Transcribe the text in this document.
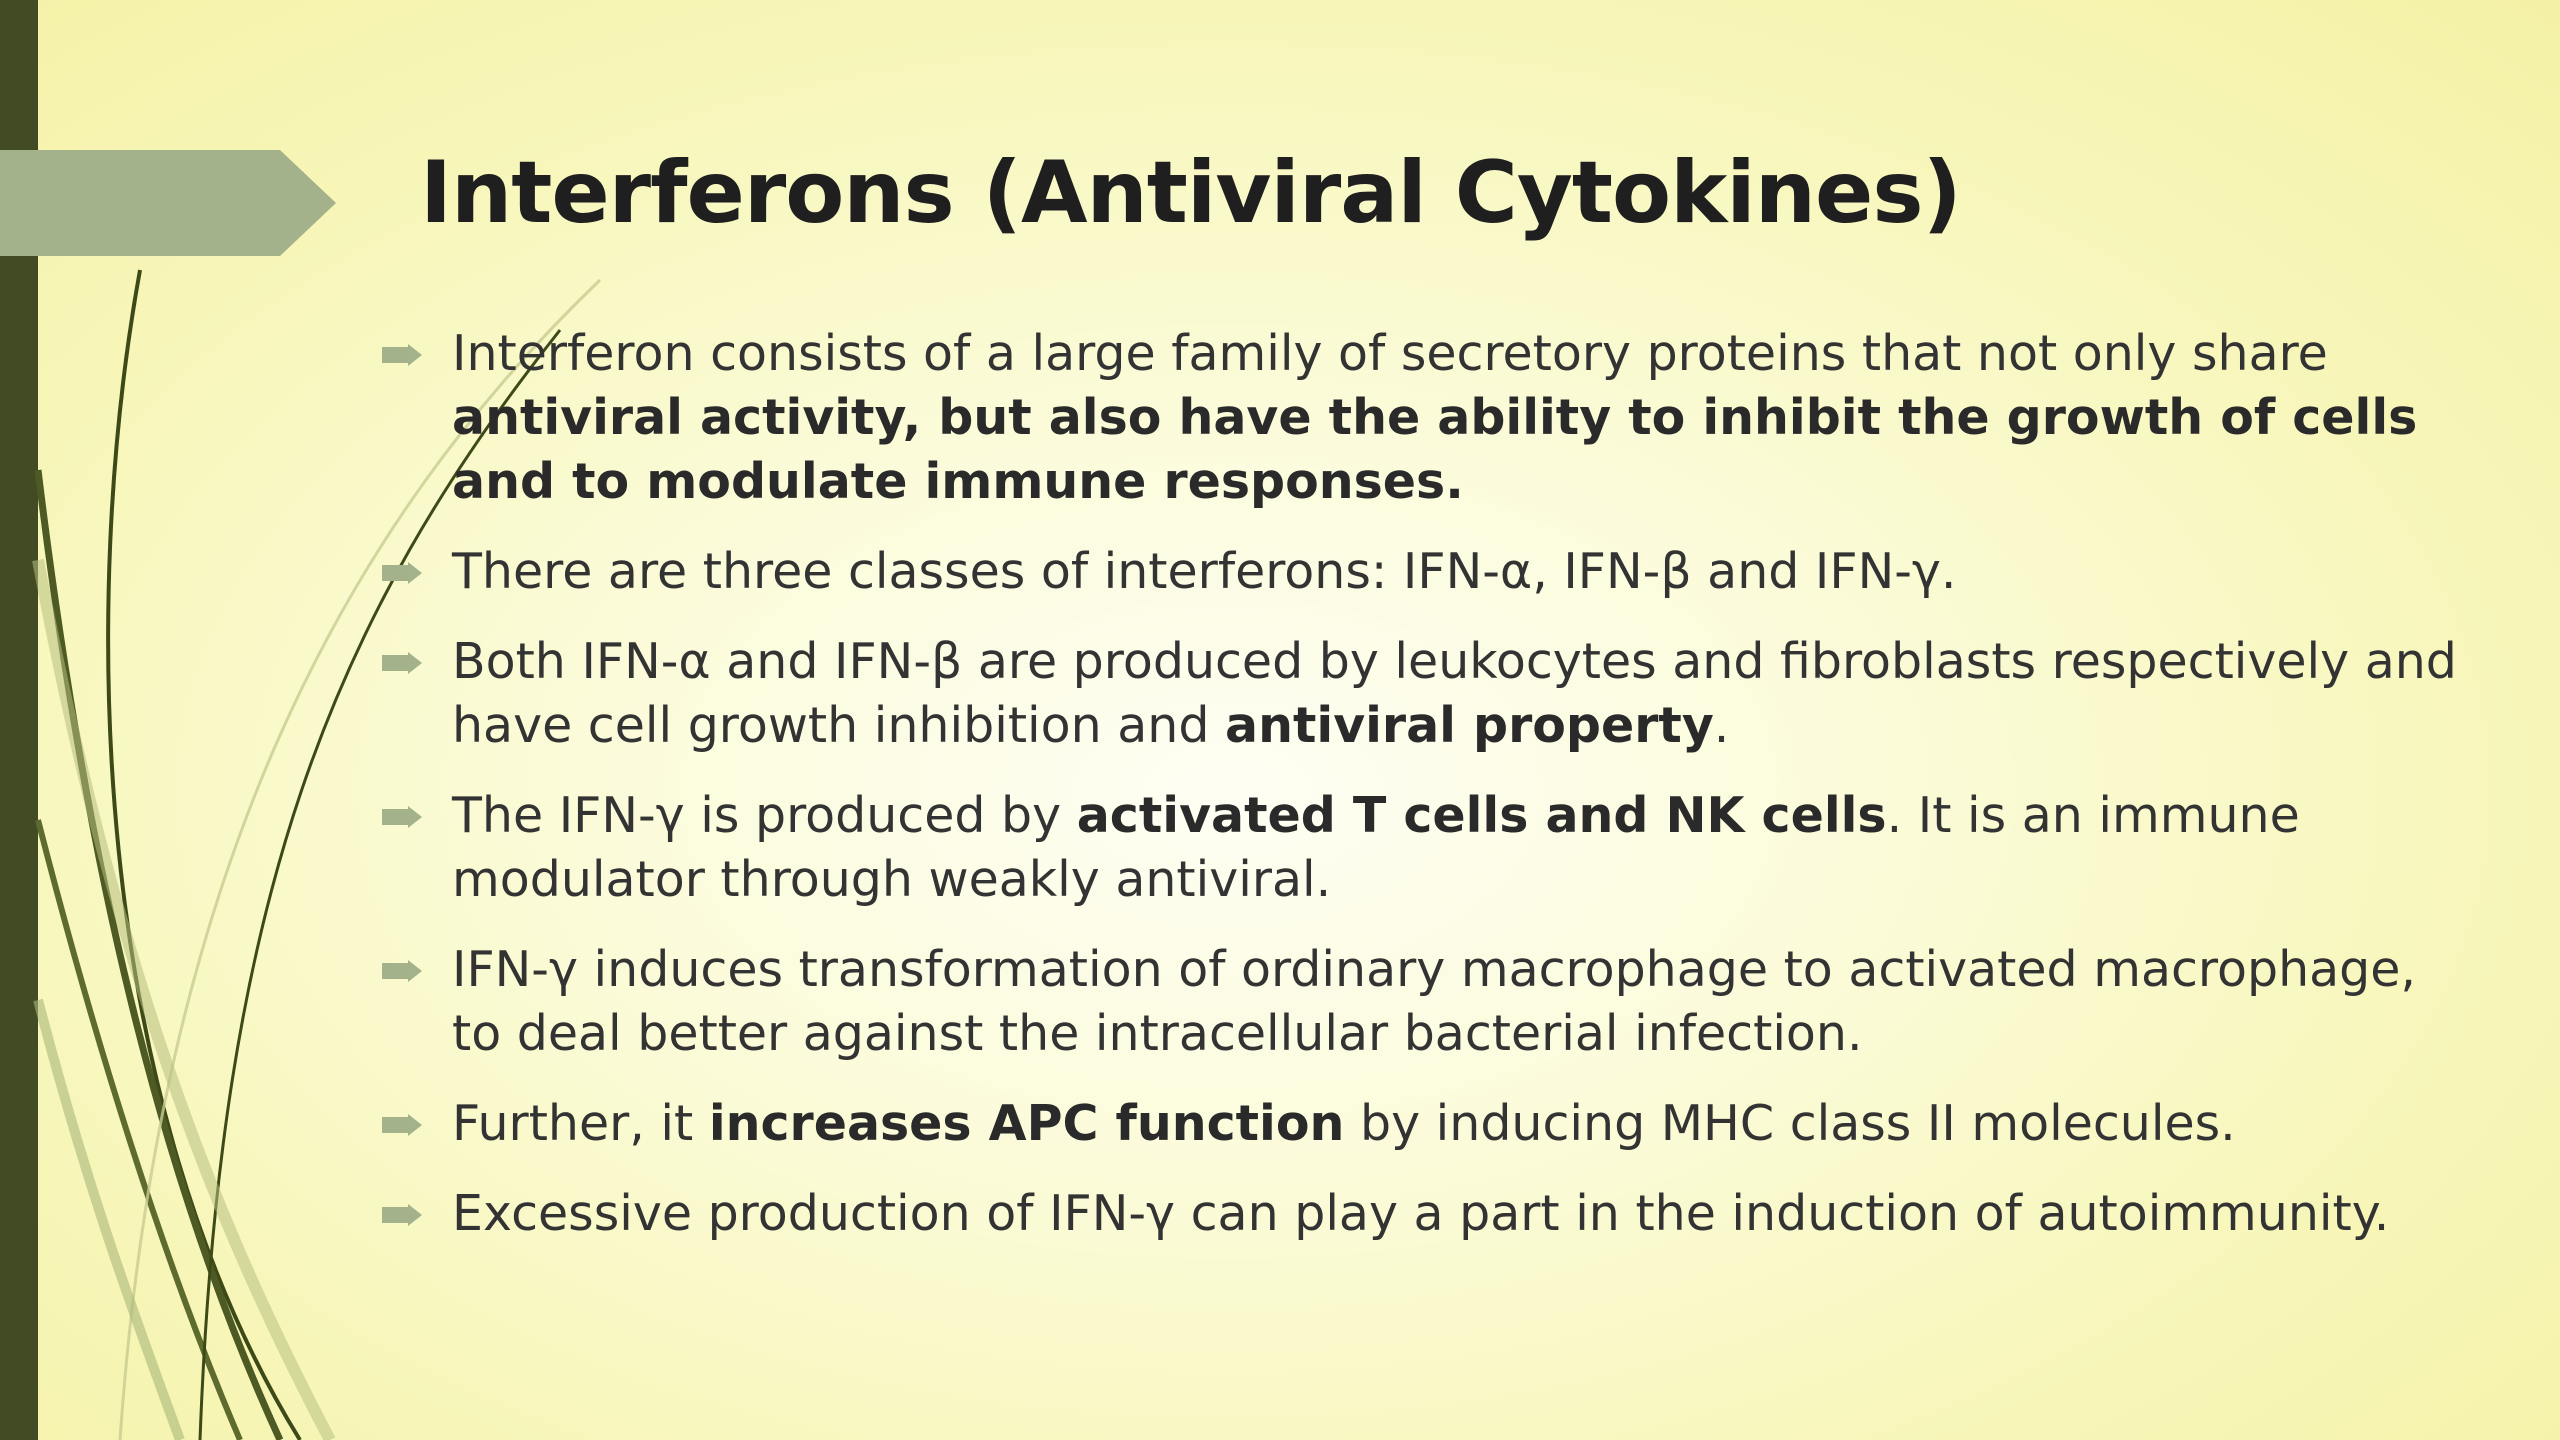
Interferons (Antiviral Cytokines)
Interferon consists of a large family of secretory proteins that not only share antiviral activity, but also have the ability to inhibit the growth of cells and to modulate immune responses.
There are three classes of interferons: IFN-α, IFN-β and IFN-γ.
Both IFN-α and IFN-β are produced by leukocytes and fibroblasts respectively and have cell growth inhibition and antiviral property.
The IFN-γ is produced by activated T cells and NK cells. It is an immune modulator through weakly antiviral.
IFN-γ induces transformation of ordinary macrophage to activated macrophage, to deal better against the intracellular bacterial infection.
Further, it increases APC function by inducing MHC class II molecules.
Excessive production of IFN-γ can play a part in the induction of autoimmunity.
